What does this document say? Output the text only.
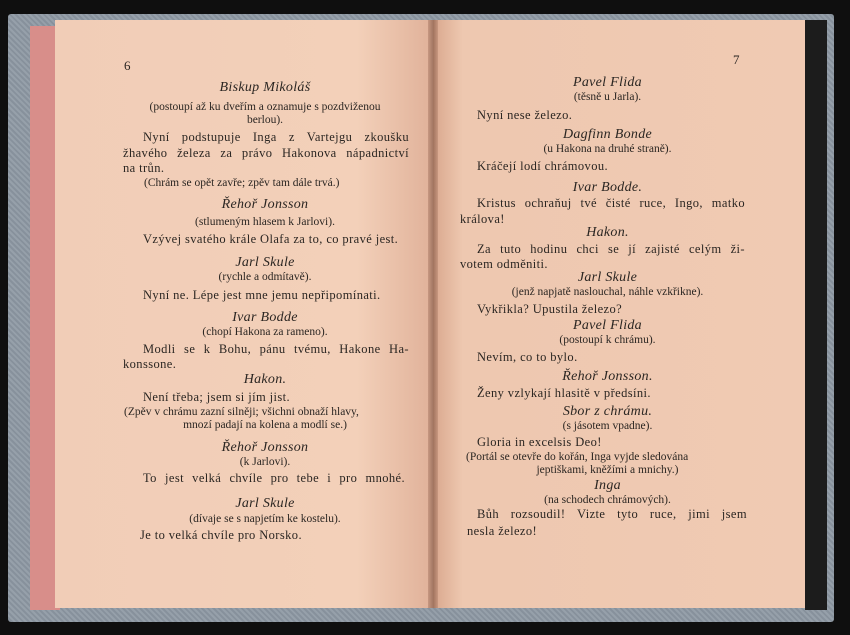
6
Biskup Mikoláš
(postoupí až ku dveřím a oznamuje s pozdviženou
berlou).
Nyní podstupuje Inga z Vartejgu zkoušku
žhavého železa za právo Hakonova nápadnictví
na trůn.
(Chrám se opět zavře; zpěv tam dále trvá.)
Řehoř Jonsson
(stlumeným hlasem k Jarlovi).
Vzývej svatého krále Olafa za to, co pravé jest.
Jarl Skule
(rychle a odmítavě).
Nyní ne. Lépe jest mne jemu nepřipomínati.
Ivar Bodde
(chopí Hakona za rameno).
Modli se k Bohu, pánu tvému, Hakone Ha-
konssone.
Hakon.
Není třeba; jsem si jím jist.
(Zpěv v chrámu zazní silněji; všichni obnaží hlavy,
mnozí padají na kolena a modlí se.)
Řehoř Jonsson
(k Jarlovi).
To jest velká chvíle pro tebe i pro mnohé.
Jarl Skule
(dívaje se s napjetím ke kostelu).
Je to velká chvíle pro Norsko.
7
Pavel Flida
(těsně u Jarla).
Nyní nese železo.
Dagfinn Bonde
(u Hakona na druhé straně).
Kráčejí lodí chrámovou.
Ivar Bodde.
Kristus ochraňuj tvé čisté ruce, Ingo, matko
králova!
Hakon.
Za tuto hodinu chci se jí zajisté celým ži-
votem odměniti.
Jarl Skule
(jenž napjatě naslouchal, náhle vzkřikne).
Vykřikla? Upustila železo?
Pavel Flida
(postoupí k chrámu).
Nevím, co to bylo.
Řehoř Jonsson.
Ženy vzlykají hlasitě v předsíni.
Sbor z chrámu.
(s jásotem vpadne).
Gloria in excelsis Deo!
(Portál se otevře do kořán, Inga vyjde sledována
jeptiškami, kněžími a mnichy.)
Inga
(na schodech chrámových).
Bůh rozsoudil! Vizte tyto ruce, jimi jsem
nesla železo!
